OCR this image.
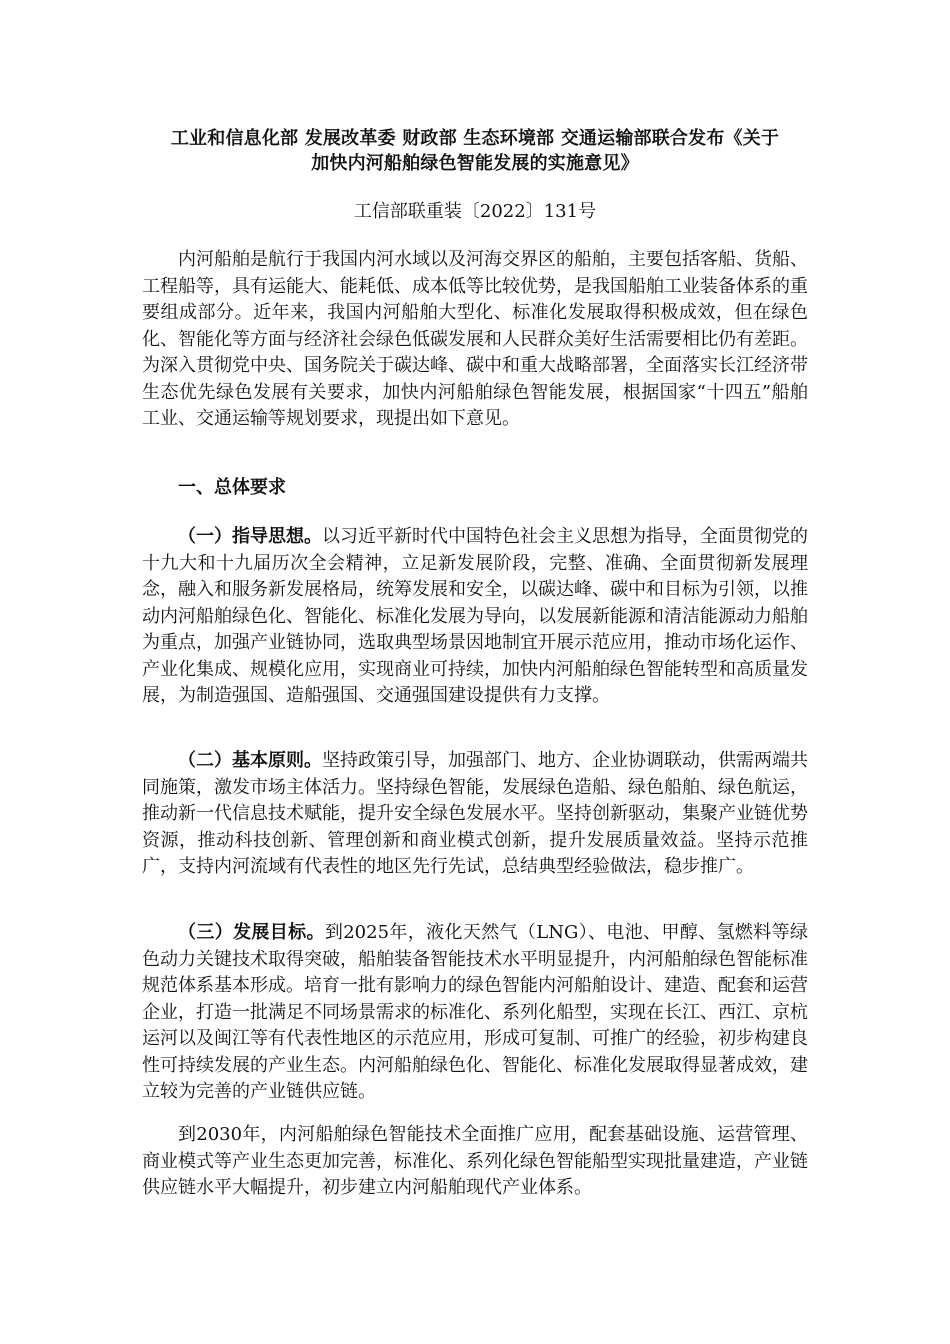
工业和信息化部 发展改革委 财政部 生态环境部 交通运输部联合发布《关于
加快内河船舶绿色智能发展的实施意见》
工信部联重装〔2022〕131号
内河船舶是航行于我国内河水域以及河海交界区的船舶，主要包括客船、货船、工程船等，具有运能大、能耗低、成本低等比较优势，是我国船舶工业装备体系的重要组成部分。近年来，我国内河船舶大型化、标准化发展取得积极成效，但在绿色化、智能化等方面与经济社会绿色低碳发展和人民群众美好生活需要相比仍有差距。为深入贯彻党中央、国务院关于碳达峰、碳中和重大战略部署，全面落实长江经济带生态优先绿色发展有关要求，加快内河船舶绿色智能发展，根据国家“十四五”船舶工业、交通运输等规划要求，现提出如下意见。
一、总体要求
（一）指导思想。以习近平新时代中国特色社会主义思想为指导，全面贯彻党的十九大和十九届历次全会精神，立足新发展阶段，完整、准确、全面贯彻新发展理念，融入和服务新发展格局，统筹发展和安全，以碳达峰、碳中和目标为引领，以推动内河船舶绿色化、智能化、标准化发展为导向，以发展新能源和清洁能源动力船舶为重点，加强产业链协同，选取典型场景因地制宜开展示范应用，推动市场化运作、产业化集成、规模化应用，实现商业可持续，加快内河船舶绿色智能转型和高质量发展，为制造强国、造船强国、交通强国建设提供有力支撑。
（二）基本原则。坚持政策引导，加强部门、地方、企业协调联动，供需两端共同施策，激发市场主体活力。坚持绿色智能，发展绿色造船、绿色船舶、绿色航运，推动新一代信息技术赋能，提升安全绿色发展水平。坚持创新驱动，集聚产业链优势资源，推动科技创新、管理创新和商业模式创新，提升发展质量效益。坚持示范推广，支持内河流域有代表性的地区先行先试，总结典型经验做法，稳步推广。
（三）发展目标。到2025年，液化天然气（LNG）、电池、甲醇、氢燃料等绿色动力关键技术取得突破，船舶装备智能技术水平明显提升，内河船舶绿色智能标准规范体系基本形成。培育一批有影响力的绿色智能内河船舶设计、建造、配套和运营企业，打造一批满足不同场景需求的标准化、系列化船型，实现在长江、西江、京杭运河以及闽江等有代表性地区的示范应用，形成可复制、可推广的经验，初步构建良性可持续发展的产业生态。内河船舶绿色化、智能化、标准化发展取得显著成效，建立较为完善的产业链供应链。
到2030年，内河船舶绿色智能技术全面推广应用，配套基础设施、运营管理、商业模式等产业生态更加完善，标准化、系列化绿色智能船型实现批量建造，产业链供应链水平大幅提升，初步建立内河船舶现代产业体系。
